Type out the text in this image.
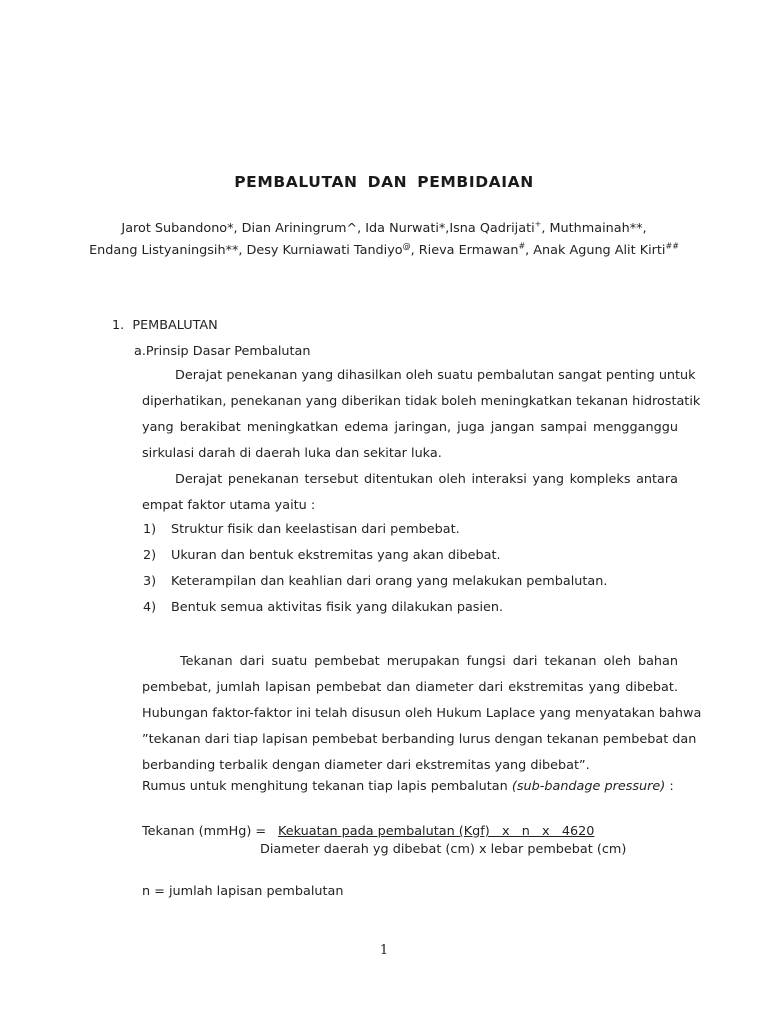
PEMBALUTAN DAN PEMBIDAIAN
Jarot Subandono*, Dian Ariningrum^, Ida Nurwati*,Isna Qadrijati+, Muthmainah**,
Endang Listyaningsih**, Desy Kurniawati Tandiyo@, Rieva Ermawan#, Anak Agung Alit Kirti##
1. PEMBALUTAN
a.Prinsip Dasar Pembalutan
Derajat penekanan yang dihasilkan oleh suatu pembalutan sangat penting untuk
diperhatikan, penekanan yang diberikan tidak boleh meningkatkan tekanan hidrostatik
yang berakibat meningkatkan edema jaringan, juga jangan sampai mengganggu
sirkulasi darah di daerah luka dan sekitar luka.
Derajat penekanan tersebut ditentukan oleh interaksi yang kompleks antara
empat faktor utama yaitu :
1) Struktur fisik dan keelastisan dari pembebat.
2) Ukuran dan bentuk ekstremitas yang akan dibebat.
3) Keterampilan dan keahlian dari orang yang melakukan pembalutan.
4) Bentuk semua aktivitas fisik yang dilakukan pasien.
Tekanan dari suatu pembebat merupakan fungsi dari tekanan oleh bahan
pembebat, jumlah lapisan pembebat dan diameter dari ekstremitas yang dibebat.
Hubungan faktor-faktor ini telah disusun oleh Hukum Laplace yang menyatakan bahwa
”tekanan dari tiap lapisan pembebat berbanding lurus dengan tekanan pembebat dan
berbanding terbalik dengan diameter dari ekstremitas yang dibebat”.
Rumus untuk menghitung tekanan tiap lapis pembalutan (sub-bandage pressure) :
Tekanan (mmHg) = Kekuatan pada pembalutan (Kgf)   x   n   x   4620
Diameter daerah yg dibebat (cm) x lebar pembebat (cm)
n = jumlah lapisan pembalutan
1
